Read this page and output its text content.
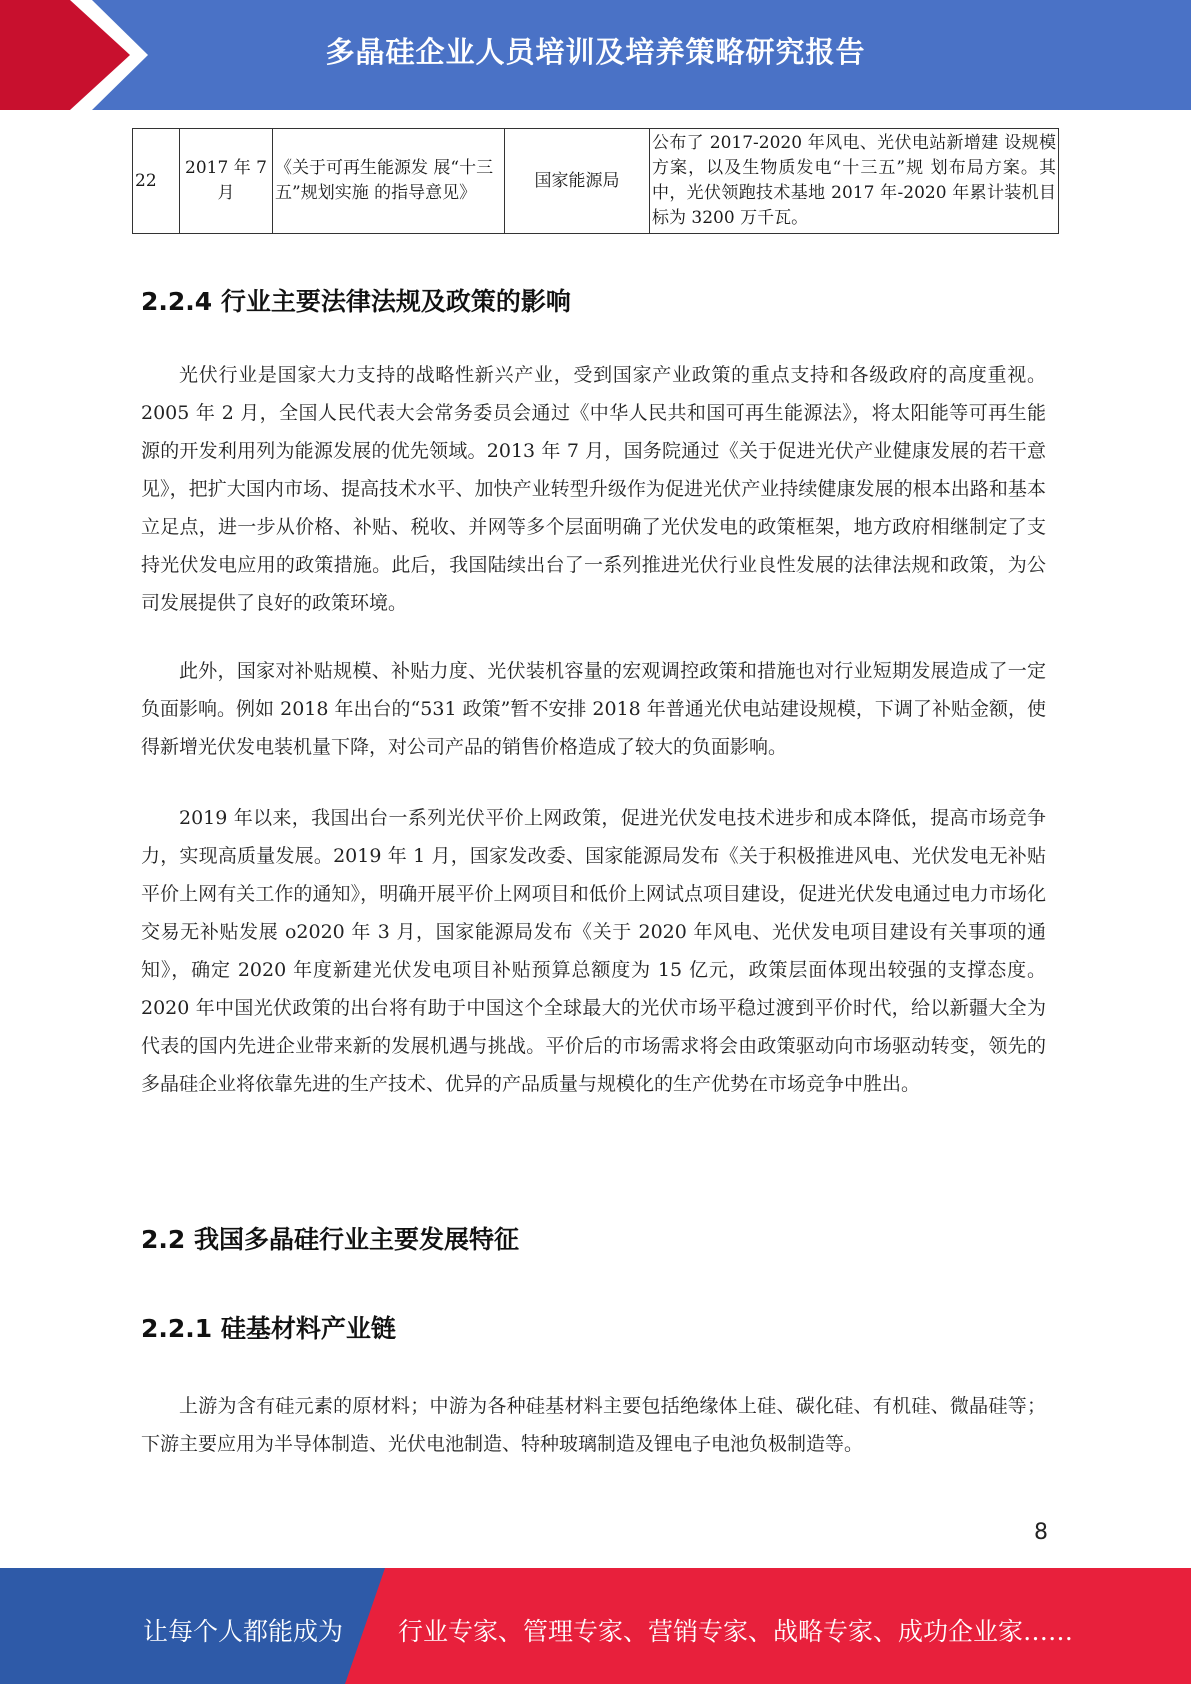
多晶硅企业人员培训及培养策略研究报告
22	2017 年 7 月	《关于可再生能源发 展“十三五”规划实施 的指导意见》	国家能源局	公布了 2017-2020 年风电、光伏电站新增建 设规模方案，以及生物质发电“十三五”规 划布局方案。其中，光伏领跑技术基地 2017 年-2020 年累计装机目标为 3200 万千瓦。
2.2.4 行业主要法律法规及政策的影响

光伏行业是国家大力支持的战略性新兴产业，受到国家产业政策的重点支持和各级政府的高度重视。2005 年 2 月，全国人民代表大会常务委员会通过《中华人民共和国可再生能源法》，将太阳能等可再生能源的开发利用列为能源发展的优先领域。2013 年 7 月，国务院通过《关于促进光伏产业健康发展的若干意见》，把扩大国内市场、提高技术水平、加快产业转型升级作为促进光伏产业持续健康发展的根本出路和基本立足点，进一步从价格、补贴、税收、并网等多个层面明确了光伏发电的政策框架，地方政府相继制定了支持光伏发电应用的政策措施。此后，我国陆续出台了一系列推进光伏行业良性发展的法律法规和政策，为公司发展提供了良好的政策环境。

此外，国家对补贴规模、补贴力度、光伏装机容量的宏观调控政策和措施也对行业短期发展造成了一定负面影响。例如 2018 年出台的“531 政策”暂不安排 2018 年普通光伏电站建设规模，下调了补贴金额，使得新增光伏发电装机量下降，对公司产品的销售价格造成了较大的负面影响。

2019 年以来，我国出台一系列光伏平价上网政策，促进光伏发电技术进步和成本降低，提高市场竞争力，实现高质量发展。2019 年 1 月，国家发改委、国家能源局发布《关于积极推进风电、光伏发电无补贴平价上网有关工作的通知》，明确开展平价上网项目和低价上网试点项目建设，促进光伏发电通过电力市场化交易无补贴发展 o2020 年 3 月，国家能源局发布《关于 2020 年风电、光伏发电项目建设有关事项的通知》，确定 2020 年度新建光伏发电项目补贴预算总额度为 15 亿元，政策层面体现出较强的支撑态度。2020 年中国光伏政策的出台将有助于中国这个全球最大的光伏市场平稳过渡到平价时代，给以新疆大全为代表的国内先进企业带来新的发展机遇与挑战。平价后的市场需求将会由政策驱动向市场驱动转变，领先的多晶硅企业将依靠先进的生产技术、优异的产品质量与规模化的生产优势在市场竞争中胜出。

2.2 我国多晶硅行业主要发展特征
2.2.1 硅基材料产业链

上游为含有硅元素的原材料；中游为各种硅基材料主要包括绝缘体上硅、碳化硅、有机硅、微晶硅等；下游主要应用为半导体制造、光伏电池制造、特种玻璃制造及锂电子电池负极制造等。

8
让每个人都能成为 行业专家、管理专家、营销专家、战略专家、成功企业家……
